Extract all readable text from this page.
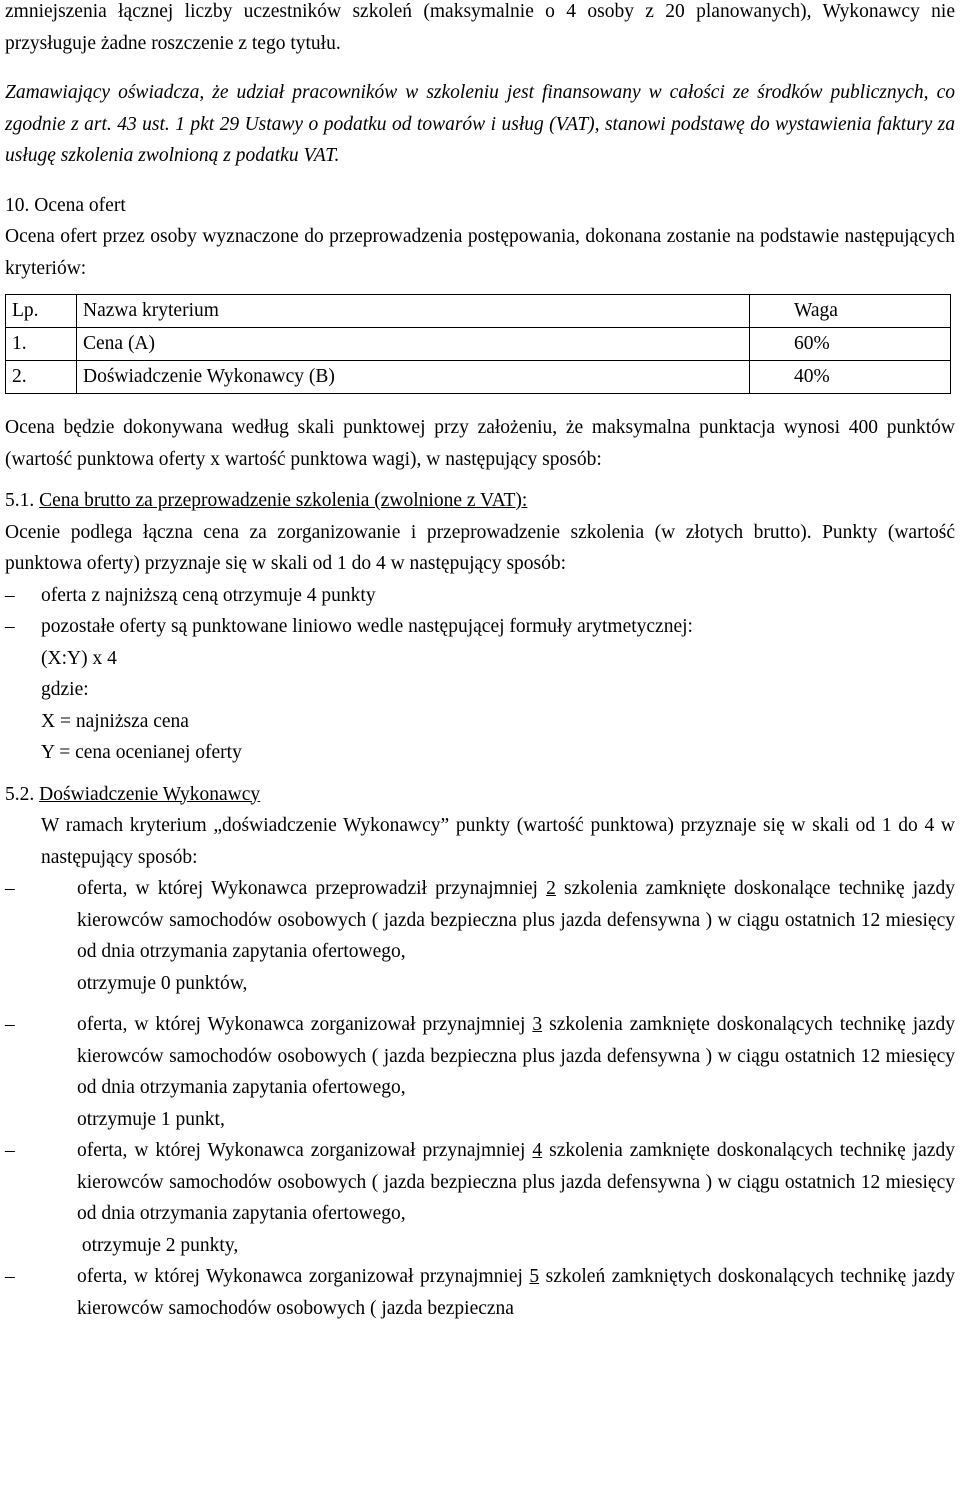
zmniejszenia łącznej liczby uczestników szkoleń (maksymalnie o 4 osoby z 20 planowanych), Wykonawcy nie przysługuje żadne roszczenie z tego tytułu.

Zamawiający oświadcza, że udział pracowników w szkoleniu jest finansowany w całości ze środków publicznych, co zgodnie z art. 43 ust. 1 pkt 29 Ustawy o podatku od towarów i usług (VAT), stanowi podstawę do wystawienia faktury za usługę szkolenia zwolnioną z podatku VAT.

10. Ocena ofert

Ocena ofert przez osoby wyznaczone do przeprowadzenia postępowania, dokonana zostanie na podstawie następujących kryteriów:

Lp.	Nazwa kryterium	Waga
1.	Cena (A)	60%
2.	Doświadczenie Wykonawcy (B)	40%

Ocena będzie dokonywana według skali punktowej przy założeniu, że maksymalna punktacja wynosi 400 punktów (wartość punktowa oferty x wartość punktowa wagi), w następujący sposób:

5.1. Cena brutto za przeprowadzenie szkolenia (zwolnione z VAT):

Ocenie podlega łączna cena za zorganizowanie i przeprowadzenie szkolenia (w złotych brutto). Punkty (wartość punktowa oferty) przyznaje się w skali od 1 do 4 w następujący sposób:

–	oferta z najniższą ceną otrzymuje 4 punkty
–	pozostałe oferty są punktowane liniowo wedle następującej formuły arytmetycznej:

(X:Y) x 4

gdzie:

X = najniższa cena

Y = cena ocenianej oferty

5.2. Doświadczenie Wykonawcy

W ramach kryterium „doświadczenie Wykonawcy” punkty (wartość punktowa) przyznaje się w skali od 1 do 4 w następujący sposób:

–	oferta, w której Wykonawca przeprowadził przynajmniej 2 szkolenia zamknięte doskonalące technikę jazdy kierowców samochodów osobowych ( jazda bezpieczna plus jazda defensywna ) w ciągu ostatnich 12 miesięcy od dnia otrzymania zapytania ofertowego,

otrzymuje 0 punktów,

–	oferta, w której Wykonawca zorganizował przynajmniej 3 szkolenia zamknięte doskonalących technikę jazdy kierowców samochodów osobowych ( jazda bezpieczna plus jazda defensywna ) w ciągu ostatnich 12 miesięcy od dnia otrzymania zapytania ofertowego,

otrzymuje 1 punkt,

–	oferta, w której Wykonawca zorganizował przynajmniej 4 szkolenia zamknięte doskonalących technikę jazdy kierowców samochodów osobowych ( jazda bezpieczna plus jazda defensywna ) w ciągu ostatnich 12 miesięcy od dnia otrzymania zapytania ofertowego,

otrzymuje 2 punkty,

–	oferta, w której Wykonawca zorganizował przynajmniej 5 szkoleń zamkniętych doskonalących technikę jazdy kierowców samochodów osobowych ( jazda bezpieczna
